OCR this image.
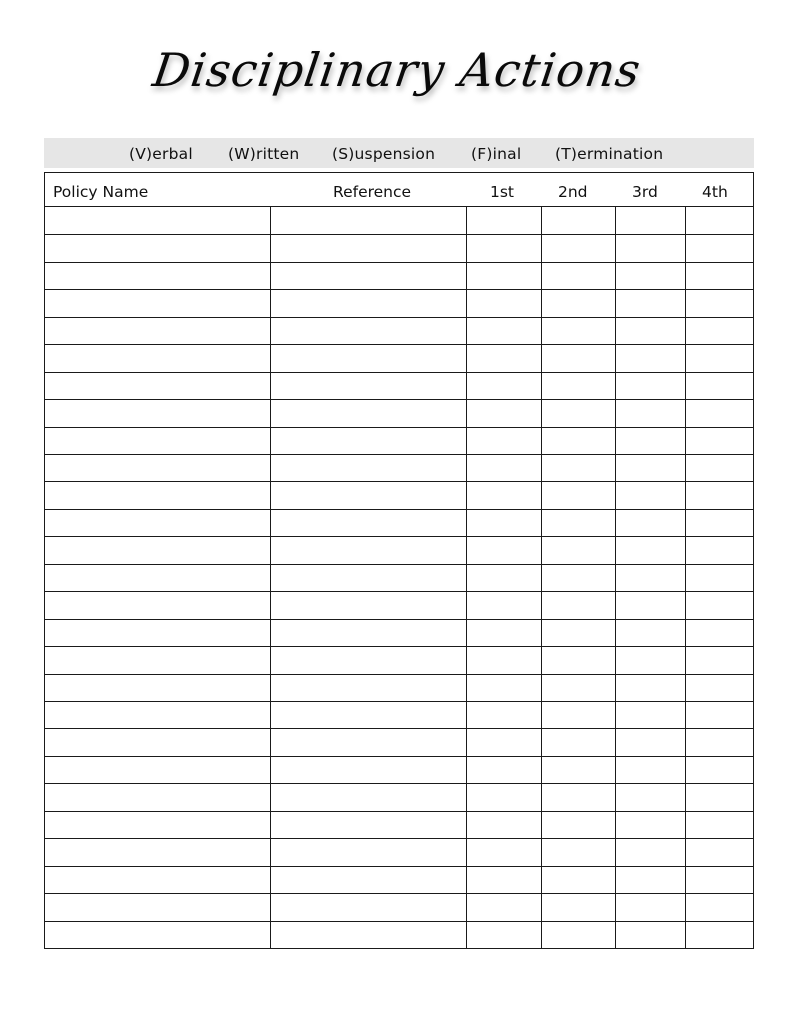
Disciplinary Actions
(V)erbal (W)ritten (S)uspension (F)inal (T)ermination
Policy Name	Reference	1st	2nd	3rd	4th
